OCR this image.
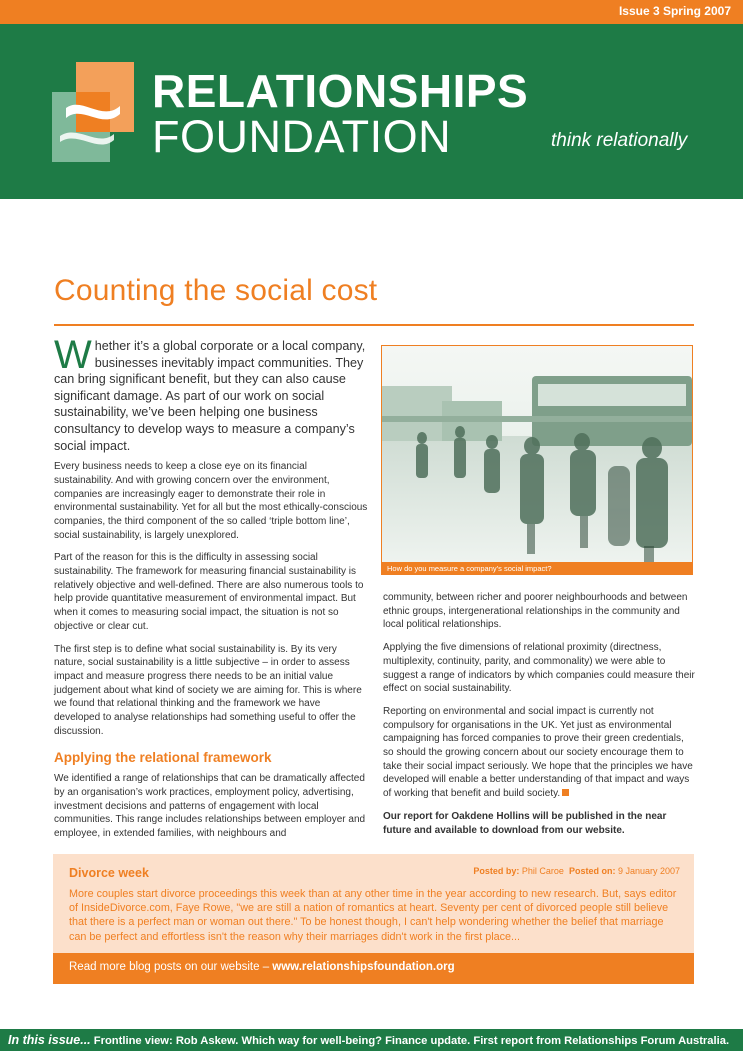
Issue 3 Spring 2007
RELATIONSHIPS
FOUNDATION	think relationally
Counting the social cost

Whether it’s a global corporate or a local company, businesses inevitably impact communities. They can bring significant benefit, but they can also cause significant damage. As part of our work on social sustainability, we’ve been helping one business consultancy to develop ways to measure a company’s social impact.

Every business needs to keep a close eye on its financial sustainability. And with growing concern over the environment, companies are increasingly eager to demonstrate their role in environmental sustainability. Yet for all but the most ethically-conscious companies, the third component of the so called ‘triple bottom line’, social sustainability, is largely unexplored.

Part of the reason for this is the difficulty in assessing social sustainability. The framework for measuring financial sustainability is relatively objective and well-defined. There are also numerous tools to help provide quantitative measurement of environmental impact. But when it comes to measuring social impact, the situation is not so objective or clear cut.

The first step is to define what social sustainability is. By its very nature, social sustainability is a little subjective – in order to assess impact and measure progress there needs to be an initial value judgement about what kind of society we are aiming for. This is where we found that relational thinking and the framework we have developed to analyse relationships had something useful to offer the discussion.

Applying the relational framework

We identified a range of relationships that can be dramatically affected by an organisation’s work practices, employment policy, advertising, investment decisions and patterns of engagement with local communities. This range includes relationships between employer and employee, in extended families, with neighbours and

How do you measure a company’s social impact?

community, between richer and poorer neighbourhoods and between ethnic groups, intergenerational relationships in the community and local political relationships.

Applying the five dimensions of relational proximity (directness, multiplexity, continuity, parity, and commonality) we were able to suggest a range of indicators by which companies could measure their effect on social sustainability.

Reporting on environmental and social impact is currently not compulsory for organisations in the UK. Yet just as environmental campaigning has forced companies to prove their green credentials, so should the growing concern about our society encourage them to take their social impact seriously. We hope that the principles we have developed will enable a better understanding of that impact and ways of working that benefit and build society.

Our report for Oakdene Hollins will be published in the near future and available to download from our website.

Divorce week	Posted by: Phil Caroe Posted on: 9 January 2007
More couples start divorce proceedings this week than at any other time in the year according to new research. But, says editor of InsideDivorce.com, Faye Rowe, "we are still a nation of romantics at heart. Seventy per cent of divorced people still believe that there is a perfect man or woman out there." To be honest though, I can't help wondering whether the belief that marriage can be perfect and effortless isn't the reason why their marriages didn't work in the first place...
Read more blog posts on our website – www.relationshipsfoundation.org
In this issue... Frontline view: Rob Askew. Which way for well-being? Finance update. First report from Relationships Forum Australia.
